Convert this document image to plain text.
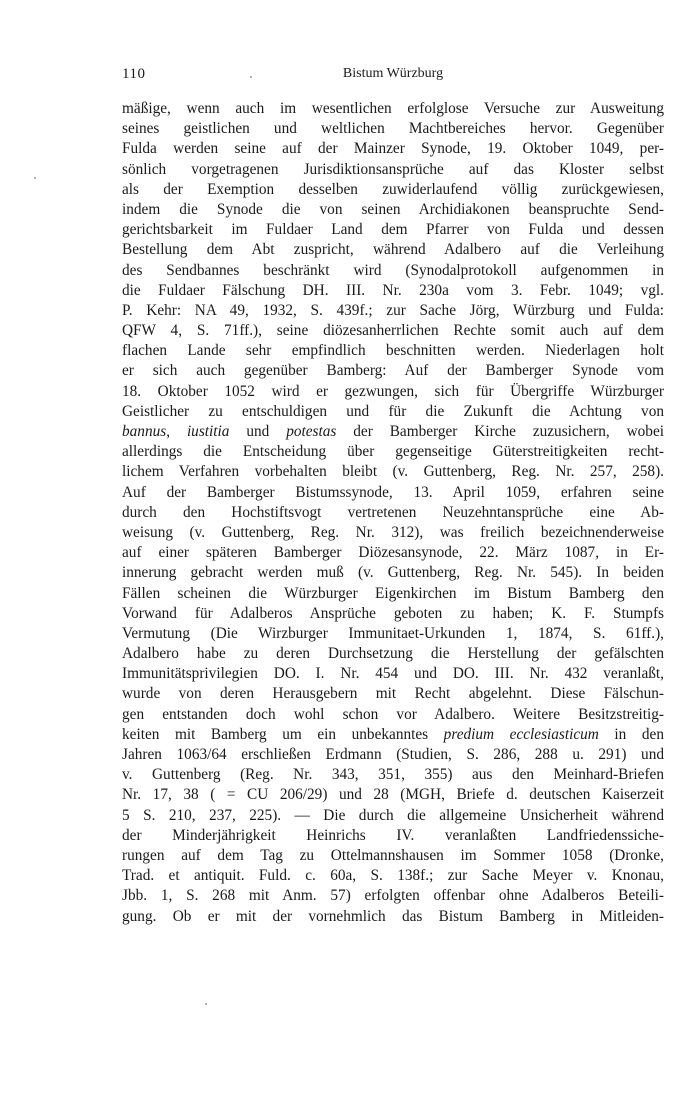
110	Bistum Würzburg
mäßige, wenn auch im wesentlichen erfolglose Versuche zur Ausweitung
seines geistlichen und weltlichen Machtbereiches hervor. Gegenüber
Fulda werden seine auf der Mainzer Synode, 19. Oktober 1049, per-
sönlich vorgetragenen Jurisdiktionsansprüche auf das Kloster selbst
als der Exemption desselben zuwiderlaufend völlig zurückgewiesen,
indem die Synode die von seinen Archidiakonen beanspruchte Send-
gerichtsbarkeit im Fuldaer Land dem Pfarrer von Fulda und dessen
Bestellung dem Abt zuspricht, während Adalbero auf die Verleihung
des Sendbannes beschränkt wird (Synodalprotokoll aufgenommen in
die Fuldaer Fälschung DH. III. Nr. 230a vom 3. Febr. 1049; vgl.
P. Kehr: NA 49, 1932, S. 439f.; zur Sache Jörg, Würzburg und Fulda:
QFW 4, S. 71ff.), seine diözesanherrlichen Rechte somit auch auf dem
flachen Lande sehr empfindlich beschnitten werden. Niederlagen holt
er sich auch gegenüber Bamberg: Auf der Bamberger Synode vom
18. Oktober 1052 wird er gezwungen, sich für Übergriffe Würzburger
Geistlicher zu entschuldigen und für die Zukunft die Achtung von
bannus, iustitia und potestas der Bamberger Kirche zuzusichern, wobei
allerdings die Entscheidung über gegenseitige Güterstreitigkeiten recht-
lichem Verfahren vorbehalten bleibt (v. Guttenberg, Reg. Nr. 257, 258).
Auf der Bamberger Bistumssynode, 13. April 1059, erfahren seine
durch den Hochstiftsvogt vertretenen Neuzehntansprüche eine Ab-
weisung (v. Guttenberg, Reg. Nr. 312), was freilich bezeichnenderweise
auf einer späteren Bamberger Diözesansynode, 22. März 1087, in Er-
innerung gebracht werden muß (v. Guttenberg, Reg. Nr. 545). In beiden
Fällen scheinen die Würzburger Eigenkirchen im Bistum Bamberg den
Vorwand für Adalberos Ansprüche geboten zu haben; K. F. Stumpfs
Vermutung (Die Wirzburger Immunitaet-Urkunden 1, 1874, S. 61ff.),
Adalbero habe zu deren Durchsetzung die Herstellung der gefälschten
Immunitätsprivilegien DO. I. Nr. 454 und DO. III. Nr. 432 veranlaßt,
wurde von deren Herausgebern mit Recht abgelehnt. Diese Fälschun-
gen entstanden doch wohl schon vor Adalbero. Weitere Besitzstreitig-
keiten mit Bamberg um ein unbekanntes predium ecclesiasticum in den
Jahren 1063/64 erschließen Erdmann (Studien, S. 286, 288 u. 291) und
v. Guttenberg (Reg. Nr. 343, 351, 355) aus den Meinhard-Briefen
Nr. 17, 38 ( = CU 206/29) und 28 (MGH, Briefe d. deutschen Kaiserzeit
5 S. 210, 237, 225). — Die durch die allgemeine Unsicherheit während
der Minderjährigkeit Heinrichs IV. veranlaßten Landfriedenssiche-
rungen auf dem Tag zu Ottelmannshausen im Sommer 1058 (Dronke,
Trad. et antiquit. Fuld. c. 60a, S. 138f.; zur Sache Meyer v. Knonau,
Jbb. 1, S. 268 mit Anm. 57) erfolgten offenbar ohne Adalberos Beteili-
gung. Ob er mit der vornehmlich das Bistum Bamberg in Mitleiden-
